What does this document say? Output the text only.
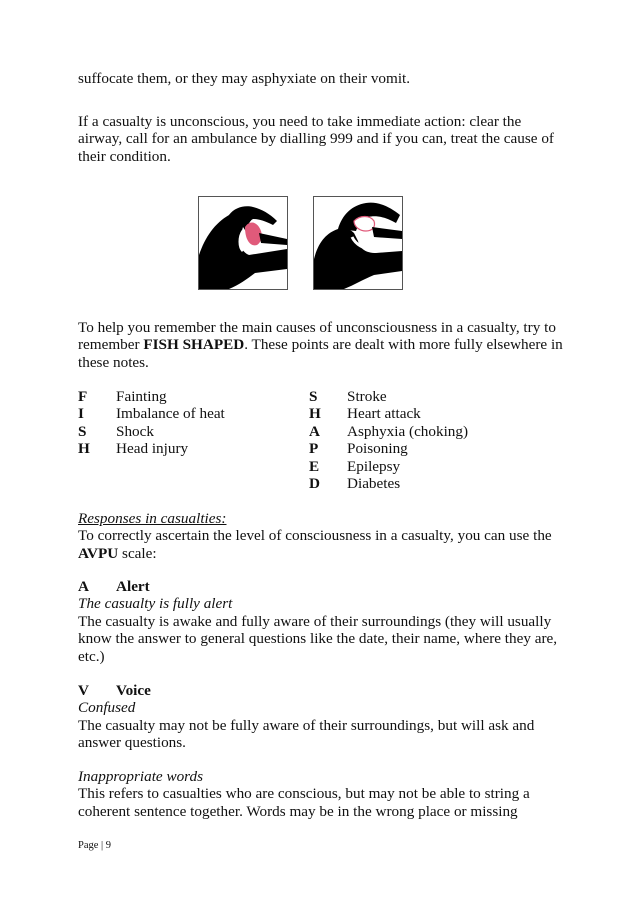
suffocate them, or they may asphyxiate on their vomit.

If a casualty is unconscious, you need to take immediate action: clear the airway, call for an ambulance by dialling 999 and if you can, treat the cause of their condition.

To help you remember the main causes of unconsciousness in a casualty, try to remember FISH SHAPED. These points are dealt with more fully elsewhere in these notes.

F	Fainting
I	Imbalance of heat
S	Shock
H	Head injury
S	Stroke
H	Heart attack
A	Asphyxia (choking)
P	Poisoning
E	Epilepsy
D	Diabetes
Responses in casualties:
To correctly ascertain the level of consciousness in a casualty, you can use the AVPU scale:
A	Alert
The casualty is fully alert
The casualty is awake and fully aware of their surroundings (they will usually know the answer to general questions like the date, their name, where they are, etc.)
V	Voice
Confused
The casualty may not be fully aware of their surroundings, but will ask and answer questions.
Inappropriate words
This refers to casualties who are conscious, but may not be able to string a coherent sentence together. Words may be in the wrong place or missing
Page | 9
